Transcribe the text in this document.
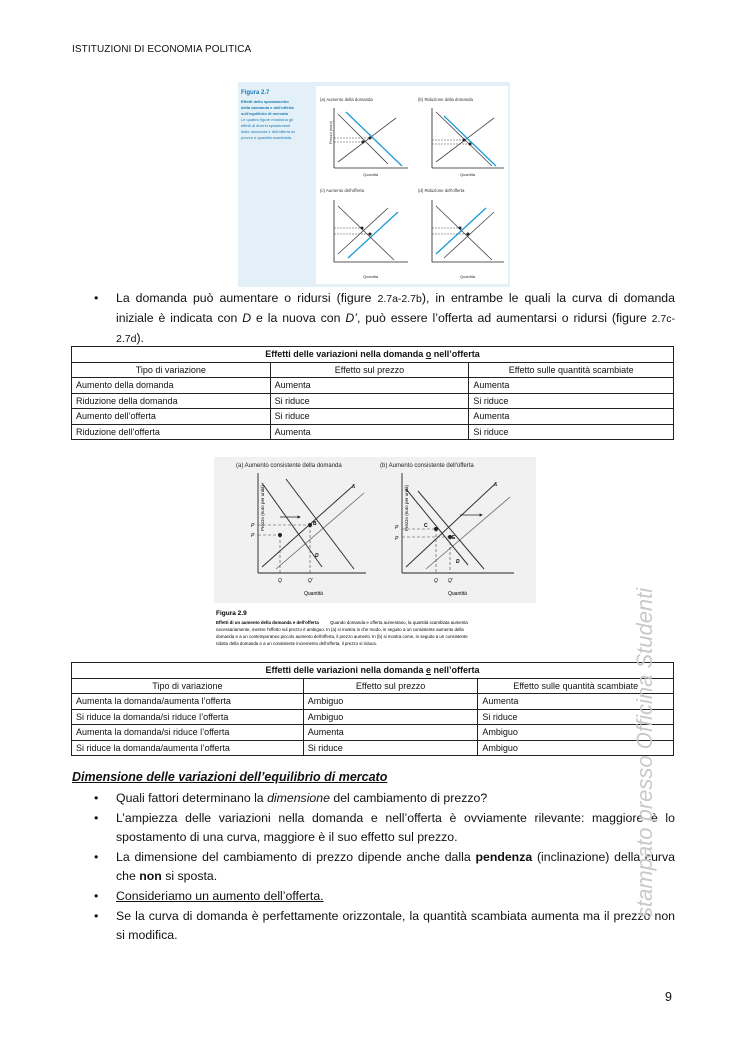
ISTITUZIONI DI ECONOMIA POLITICA
Figura 2.7
Effetti dello spostamento
della domanda e dell'offerta
sull'equilibrio di mercato
Le quattro figure mostrano gli
effetti di diversi spostamenti
della domanda e dell'offerta su
prezzo e quantità scambiata.
(a) Aumento della domanda
Prezzo (euro)
Quantità
(b) Riduzione della domanda
Quantità
(c) Aumento dell'offerta
Quantità
(d) Riduzione dell'offerta
Quantità
• La domanda può aumentare o ridursi (figure 2.7a-2.7b), in entrambe le quali la curva di domanda iniziale è indicata con D e la nuova con D’, può essere l’offerta ad aumentarsi o ridursi (figure 2.7c-2.7d).
Effetti delle variazioni nella domanda o nell’offerta		
Tipo di variazione	Effetto sul prezzo	Effetto sulle quantità scambiate
Aumento della domanda	Aumenta	Aumenta
Riduzione della domanda	Si riduce	Si riduce
Aumento dell’offerta	Si riduce	Aumenta
Riduzione dell’offerta	Aumenta	Si riduce
(a) Aumento consistente della domanda	(b) Aumento consistente dell'offerta
P
P
B
D
S
Q	Q'
Prezzo (euro per unità)
Quantità
C
E
P
P
D
S
Q Q'
Prezzo (euro per unità)
Quantità
Figura 2.9
Effetti di un aumento della domanda e dell'offerta	Quando domanda e offerta aumentano, la quantità scambiata aumenta
necessariamente, mentre l'effetto sul prezzo è ambiguo. In (a) si mostra in che modo, in seguito a un consistente aumento della
domanda e a un contemporaneo piccolo aumento dell'offerta, il prezzo aumenti. In (b) si mostra come, in seguito a un consistente
ridotto della domanda e a un consistente incremento dell'offerta, il prezzo si riduca.
Effetti delle variazioni nella domanda e nell’offerta		
Tipo di variazione	Effetto sul prezzo	Effetto sulle quantità scambiate
Aumenta la domanda/aumenta l’offerta	Ambiguo	Aumenta
Si riduce la domanda/si riduce l’offerta	Ambiguo	Si riduce
Aumenta la domanda/si riduce l’offerta	Aumenta	Ambiguo
Si riduce la domanda/aumenta l’offerta	Si riduce	Ambiguo
Dimensione delle variazioni dell’equilibrio di mercato
• Quali fattori determinano la dimensione del cambiamento di prezzo?
• L’ampiezza delle variazioni nella domanda e nell’offerta è ovviamente rilevante: maggiore è lo spostamento di una curva, maggiore è il suo effetto sul prezzo.
• La dimensione del cambiamento di prezzo dipende anche dalla pendenza (inclinazione) della curva che non si sposta.
• Consideriamo un aumento dell’offerta.
• Se la curva di domanda è perfettamente orizzontale, la quantità scambiata aumenta ma il prezzo non si modifica.
stampato presso Officina Studenti
9
